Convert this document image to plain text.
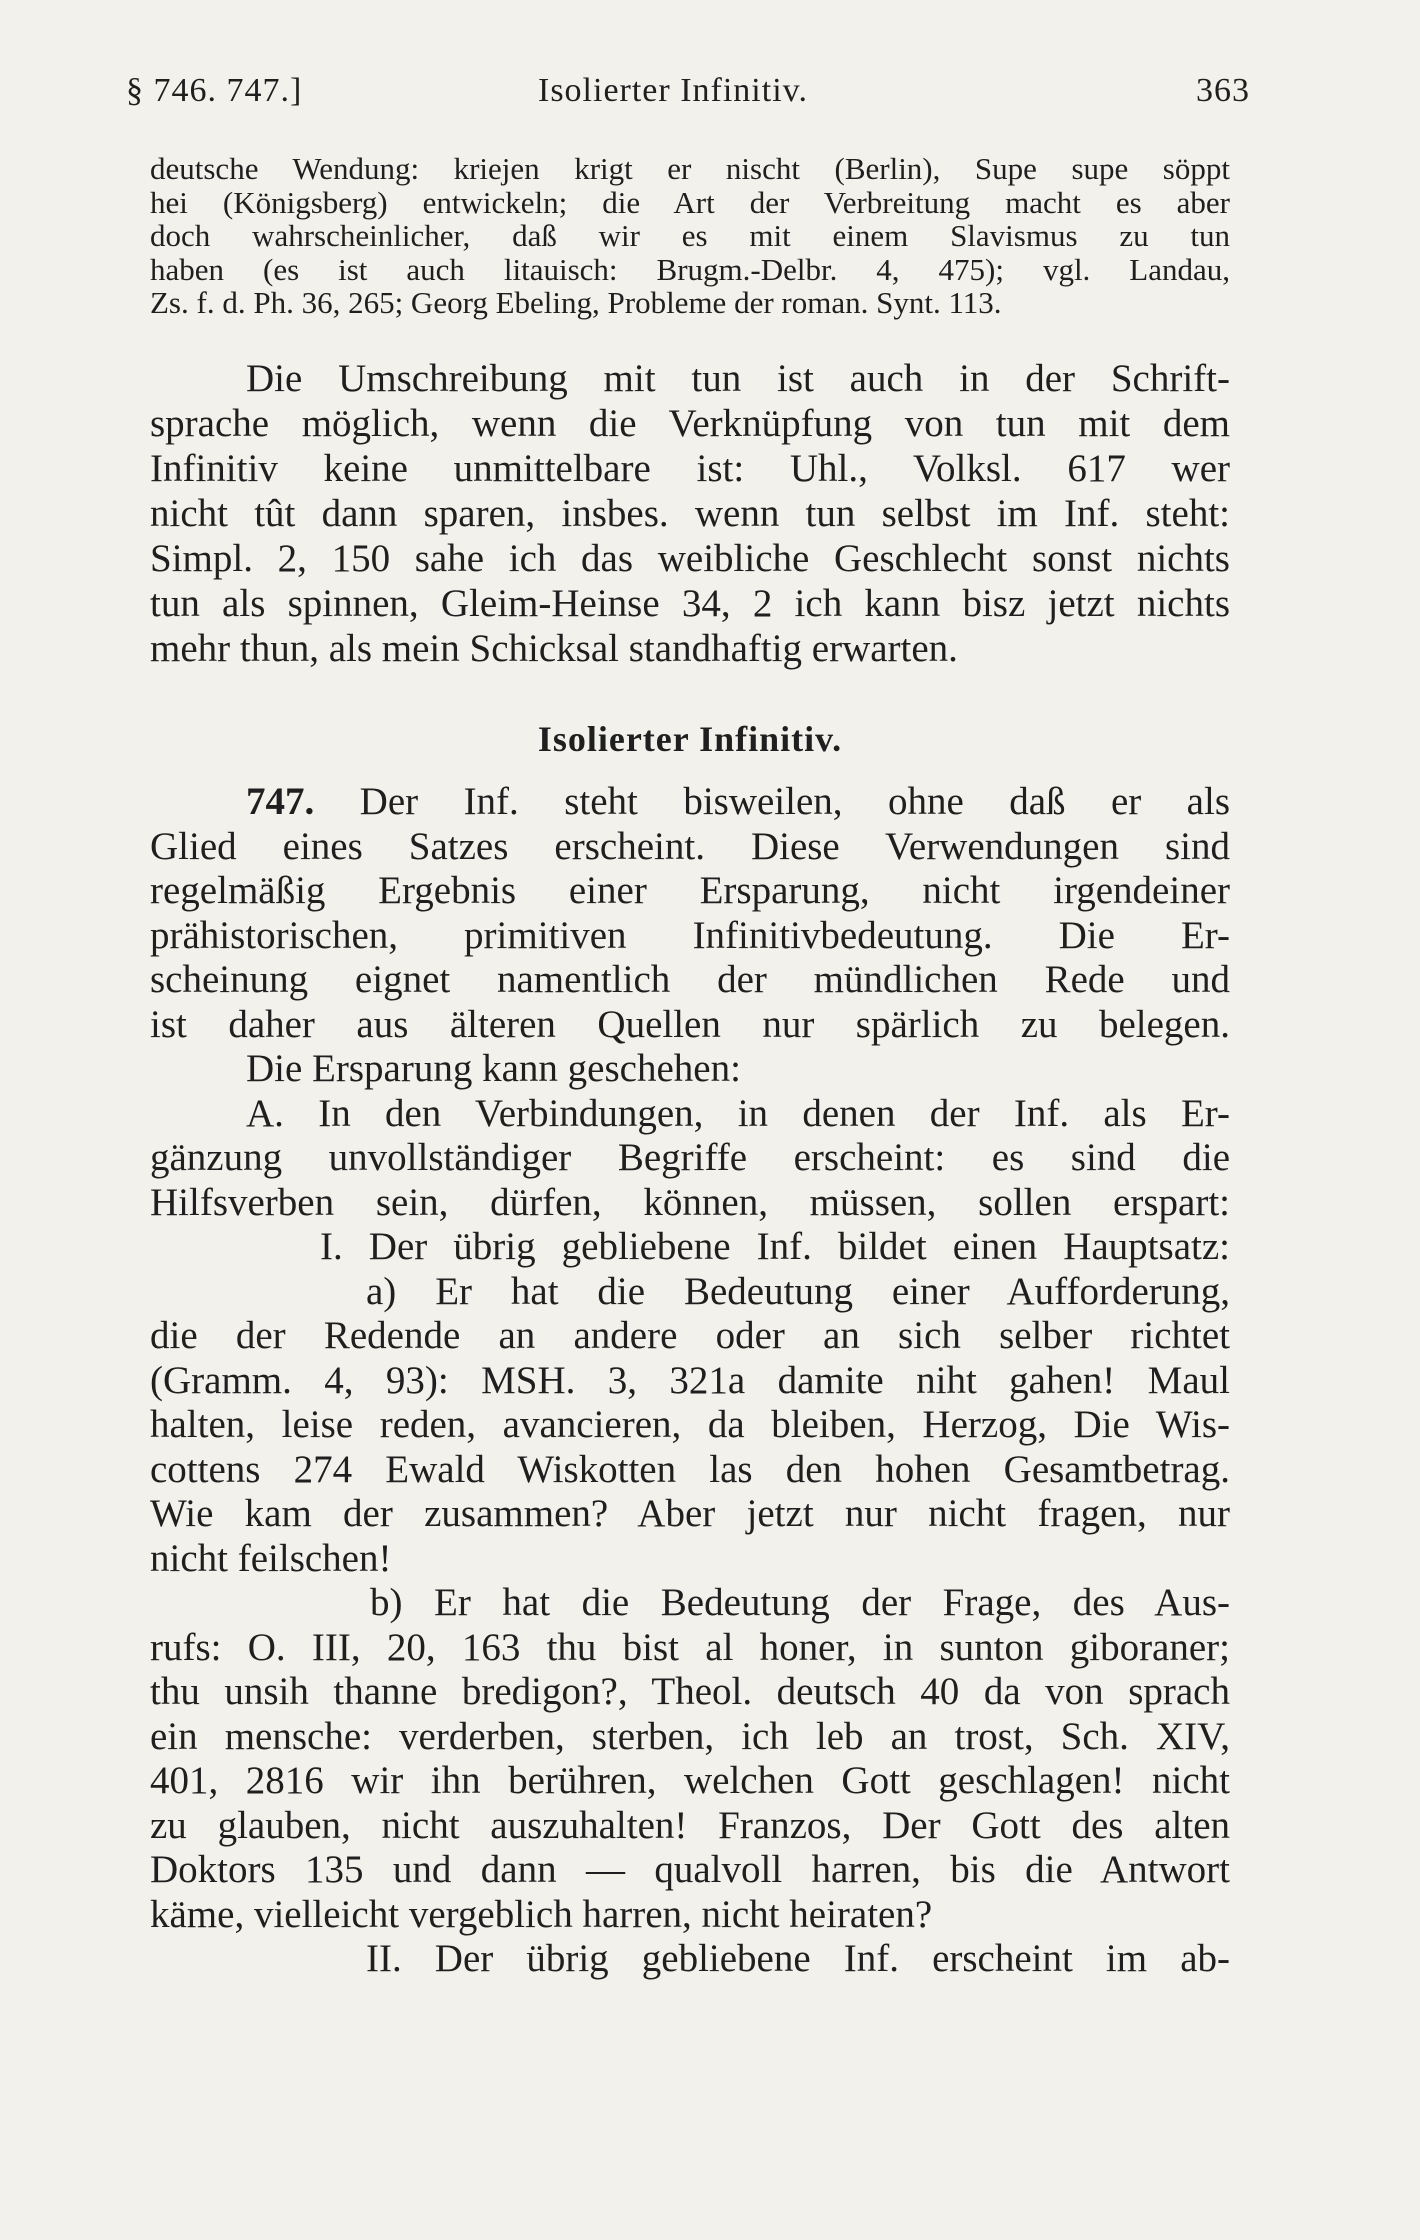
§ 746. 747.]	Isolierter Infinitiv.	363
deutsche Wendung: kriejen krigt er nischt (Berlin), Supe supe söppt
hei (Königsberg) entwickeln; die Art der Verbreitung macht es aber
doch wahrscheinlicher, daß wir es mit einem Slavismus zu tun
haben (es ist auch litauisch: Brugm.-Delbr. 4, 475); vgl. Landau,
Zs. f. d. Ph. 36, 265; Georg Ebeling, Probleme der roman. Synt. 113.
Die Umschreibung mit tun ist auch in der Schrift-
sprache möglich, wenn die Verknüpfung von tun mit dem
Infinitiv keine unmittelbare ist: Uhl., Volksl. 617 wer
nicht tût dann sparen, insbes. wenn tun selbst im Inf. steht:
Simpl. 2, 150 sahe ich das weibliche Geschlecht sonst nichts
tun als spinnen, Gleim-Heinse 34, 2 ich kann bisz jetzt nichts
mehr thun, als mein Schicksal standhaftig erwarten.
Isolierter Infinitiv.
747. Der Inf. steht bisweilen, ohne daß er als
Glied eines Satzes erscheint. Diese Verwendungen sind
regelmäßig Ergebnis einer Ersparung, nicht irgendeiner
prähistorischen, primitiven Infinitivbedeutung. Die Er-
scheinung eignet namentlich der mündlichen Rede und
ist daher aus älteren Quellen nur spärlich zu belegen.
Die Ersparung kann geschehen:
A. In den Verbindungen, in denen der Inf. als Er-
gänzung unvollständiger Begriffe erscheint: es sind die
Hilfsverben sein, dürfen, können, müssen, sollen erspart:
I. Der übrig gebliebene Inf. bildet einen Hauptsatz:
a) Er hat die Bedeutung einer Aufforderung,
die der Redende an andere oder an sich selber richtet
(Gramm. 4, 93): MSH. 3, 321a damite niht gahen! Maul
halten, leise reden, avancieren, da bleiben, Herzog, Die Wis-
cottens 274 Ewald Wiskotten las den hohen Gesamtbetrag.
Wie kam der zusammen? Aber jetzt nur nicht fragen, nur
nicht feilschen!
b) Er hat die Bedeutung der Frage, des Aus-
rufs: O. III, 20, 163 thu bist al honer, in sunton giboraner;
thu unsih thanne bredigon?, Theol. deutsch 40 da von sprach
ein mensche: verderben, sterben, ich leb an trost, Sch. XIV,
401, 2816 wir ihn berühren, welchen Gott geschlagen! nicht
zu glauben, nicht auszuhalten! Franzos, Der Gott des alten
Doktors 135 und dann — qualvoll harren, bis die Antwort
käme, vielleicht vergeblich harren, nicht heiraten?
II. Der übrig gebliebene Inf. erscheint im ab-
